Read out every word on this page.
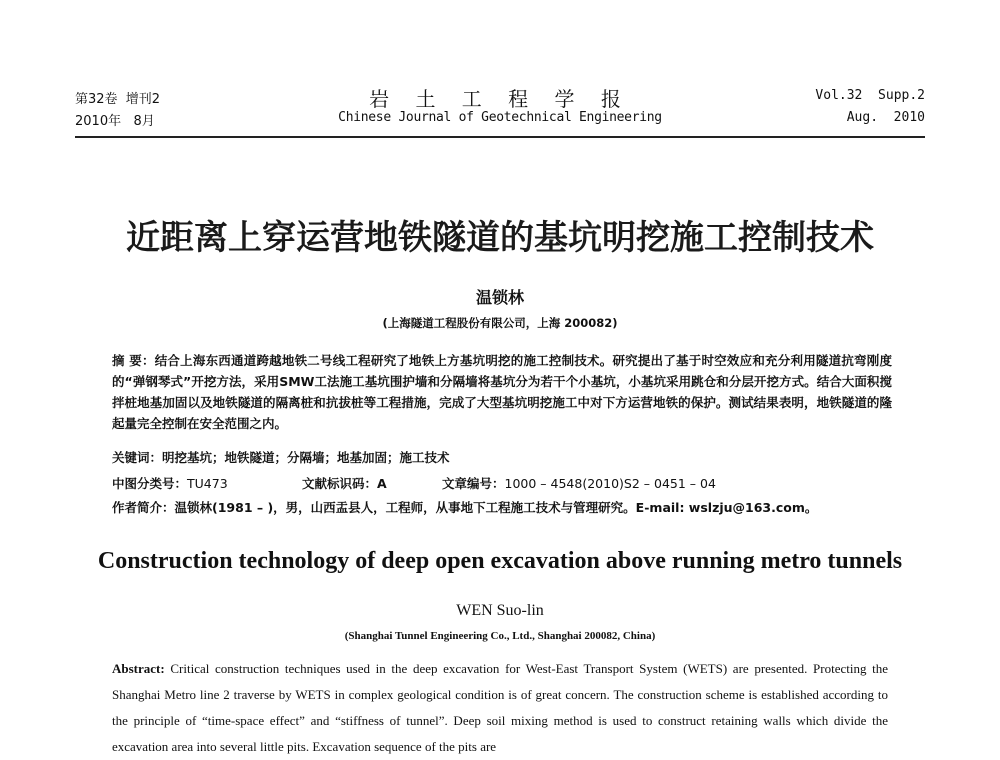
第32卷  增刊2	岩 土 工 程 学 报	Vol.32  Supp.2
2010年   8月	Chinese Journal of Geotechnical Engineering	Aug.  2010
近距离上穿运营地铁隧道的基坑明挖施工控制技术
温锁林
(上海隧道工程股份有限公司，上海 200082)
摘 要：结合上海东西通道跨越地铁二号线工程研究了地铁上方基坑明挖的施工控制技术。研究提出了基于时空效应和充分利用隧道抗弯刚度的“弹钢琴式”开挖方法，采用SMW工法施工基坑围护墙和分隔墙将基坑分为若干个小基坑，小基坑采用跳仓和分层开挖方式。结合大面积搅拌桩地基加固以及地铁隧道的隔离桩和抗拔桩等工程措施，完成了大型基坑明挖施工中对下方运营地铁的保护。测试结果表明，地铁隧道的隆起量完全控制在安全范围之内。
关键词：明挖基坑；地铁隧道；分隔墙；地基加固；施工技术

中图分类号：TU473

	文献标识码：A

	文章编号：1000 – 4548(2010)S2 – 0451 – 04

作者简介：温锁林(1981 – )，男，山西盂县人，工程师，从事地下工程施工技术与管理研究。E-mail: wslzju@163.com。
Construction technology of deep open excavation above running metro tunnels
WEN Suo-lin
(Shanghai Tunnel Engineering Co., Ltd., Shanghai 200082, China)
Abstract: Critical construction techniques used in the deep excavation for West-East Transport System (WETS) are presented. Protecting the Shanghai Metro line 2 traverse by WETS in complex geological condition is of great concern. The construction scheme is established according to the principle of “time-space effect” and “stiffness of tunnel”. Deep soil mixing method is used to construct retaining walls which divide the excavation area into several little pits. Excavation sequence of the pits are
